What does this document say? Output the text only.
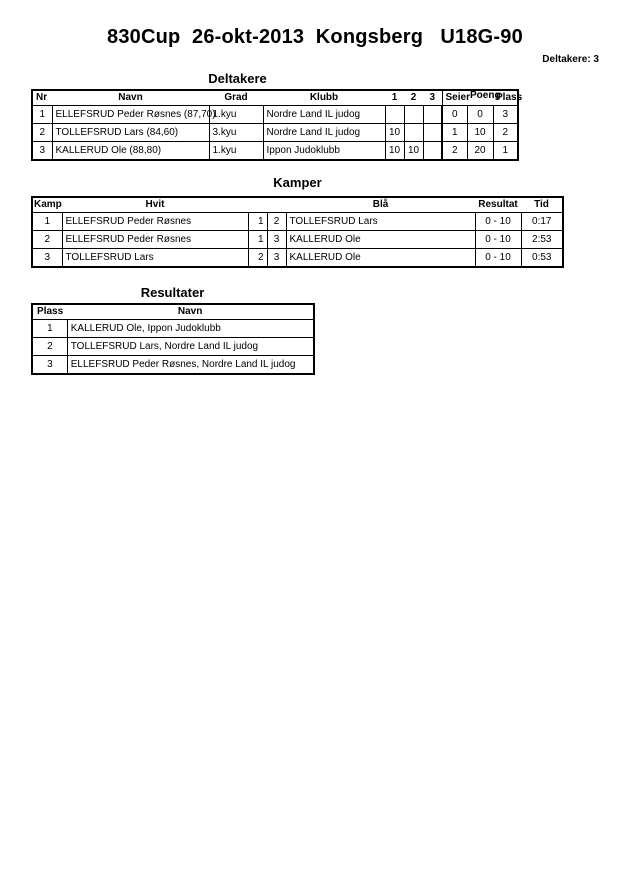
830Cup  26-okt-2013  Kongsberg   U18G-90
Deltakere: 3
Deltakere
Nr	Navn	Grad	Klubb	1	2	3	Seier	Poeng	Plass
1	ELLEFSRUD Peder Røsnes (87,70)	1.kyu	Nordre Land IL judog				0	0	3
2	TOLLEFSRUD Lars (84,60)	3.kyu	Nordre Land IL judog	10			1	10	2
3	KALLERUD Ole (88,80)	1.kyu	Ippon Judoklubb	10	10		2	20	1
Kamper
Kamp	Hvit			Blå	Resultat	Tid
1	ELLEFSRUD Peder Røsnes	1	2	TOLLEFSRUD Lars	0 - 10	0:17
2	ELLEFSRUD Peder Røsnes	1	3	KALLERUD Ole	0 - 10	2:53
3	TOLLEFSRUD Lars	2	3	KALLERUD Ole	0 - 10	0:53
Resultater
Plass	Navn
1	KALLERUD Ole, Ippon Judoklubb
2	TOLLEFSRUD Lars, Nordre Land IL judog
3	ELLEFSRUD Peder Røsnes, Nordre Land IL judog
